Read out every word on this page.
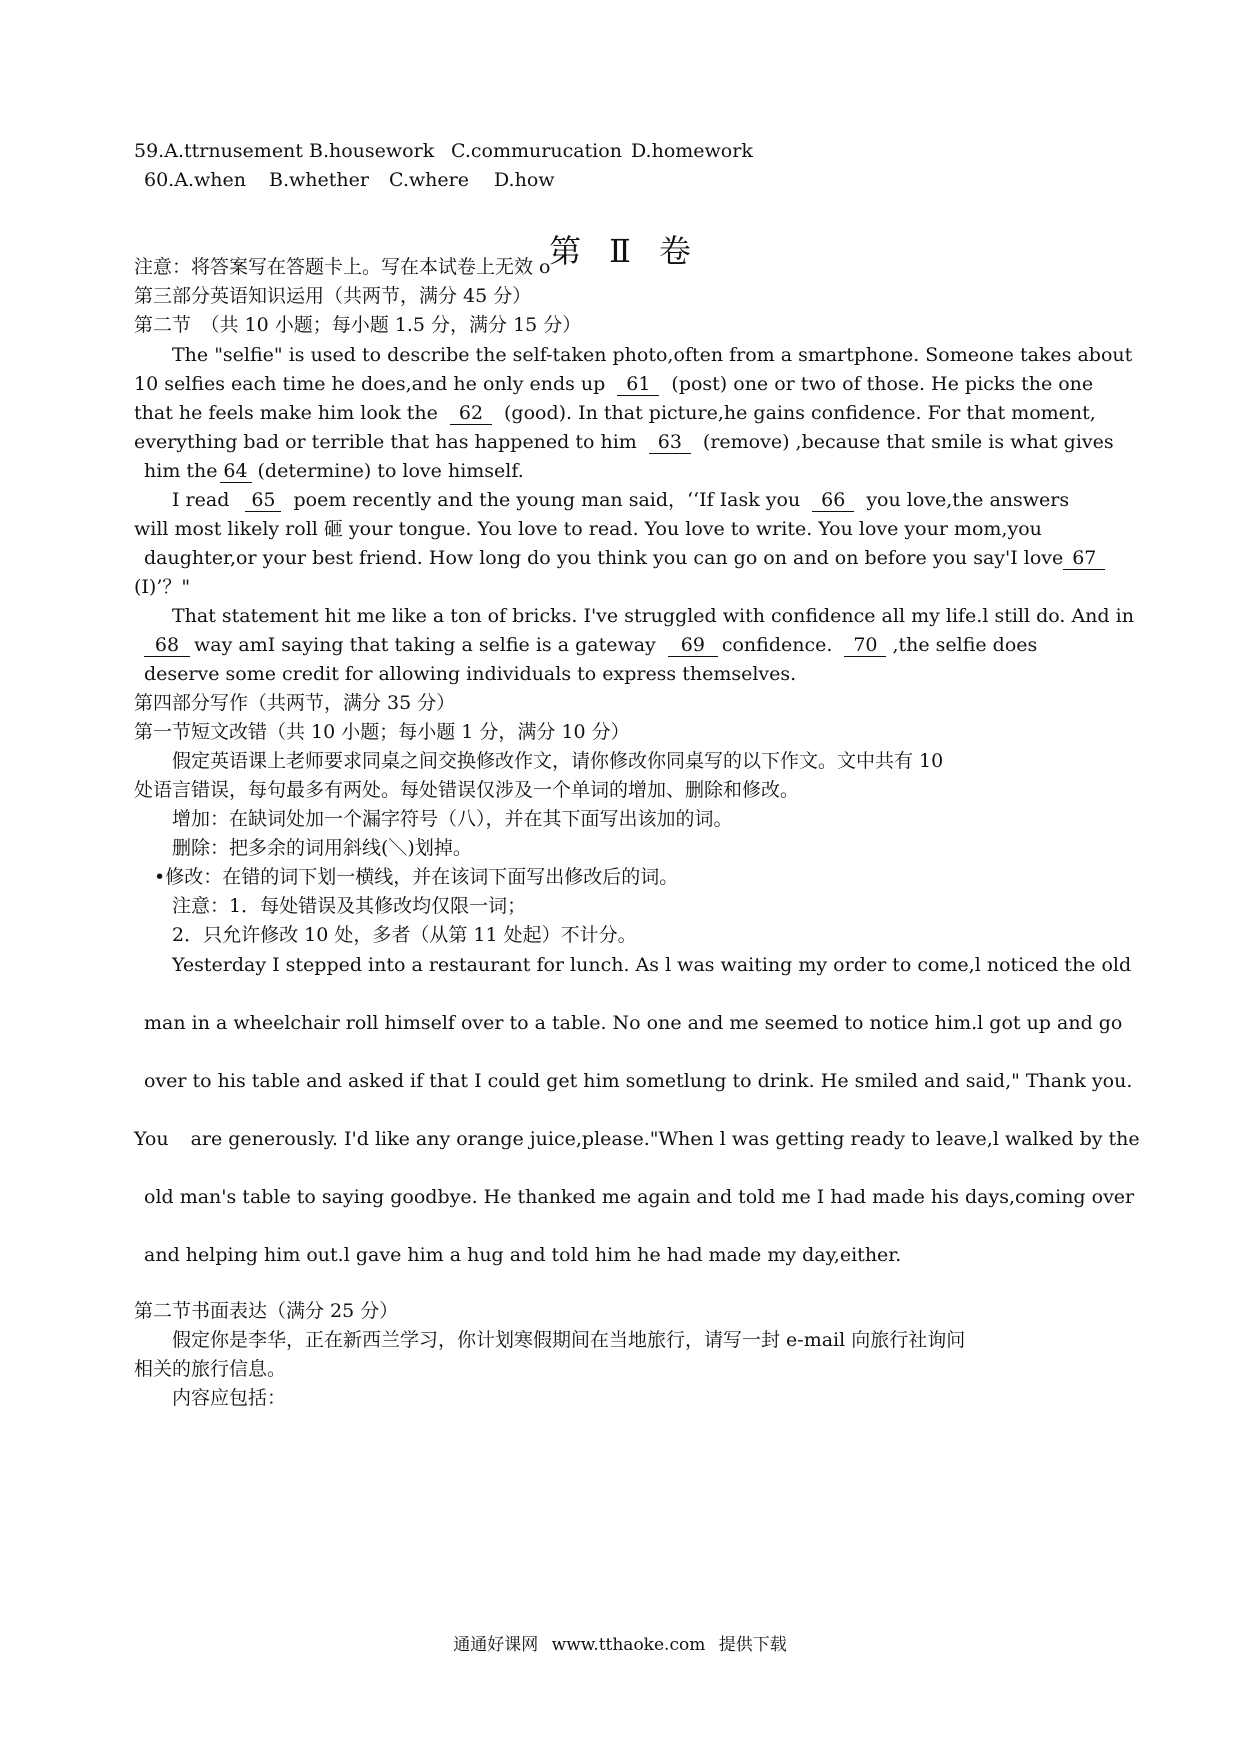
59.A.ttrnusement B.housework C.commurucation D.homework
60.A.when B.whether C.where D.how
第 Ⅱ 卷
注意：将答案写在答题卡上。写在本试卷上无效 o
第三部分英语知识运用（共两节，满分 45 分）
第二节　（共 10 小题；每小题 1.5 分，满分 15 分）
The "selfie" is used to describe the self-taken photo,often from a smartphone. Someone takes about
10 selfies each time he does,and he only ends up 61 (post) one or two of those. He picks the one
that he feels make him look the 62 (good). In that picture,he gains confidence. For that moment,
everything bad or terrible that has happened to him 63 (remove) ,because that smile is what gives
him the 64 (determine) to love himself.
I read 65 poem recently and the young man said，‘‘If Iask you 66 you love,the answers
will most likely roll 砸 your tongue. You love to read. You love to write. You love your mom,you
daughter,or your best friend. How long do you think you can go on and on before you say'I love 67
(I)’？"
That statement hit me like a ton of bricks. I've struggled with confidence all my life.l still do. And in
68 way amI saying that taking a selfie is a gateway 69 confidence. 70 ,the selfie does
deserve some credit for allowing individuals to express themselves.
第四部分写作（共两节，满分 35 分）
第一节短文改错（共 10 小题；每小题 1 分，满分 10 分）
假定英语课上老师要求同桌之间交换修改作文，请你修改你同桌写的以下作文。文中共有 10
处语言错误，每句最多有两处。每处错误仅涉及一个单词的增加、删除和修改。
增加：在缺词处加一个漏字符号（八），并在其下面写出该加的词。
删除：把多余的词用斜线(＼)划掉。
•修改：在错的词下划一横线，并在该词下面写出修改后的词。
注意：1．每处错误及其修改均仅限一词；
2．只允许修改 10 处，多者（从第 11 处起）不计分。
Yesterday I stepped into a restaurant for lunch. As l was waiting my order to come,l noticed the old
man in a wheelchair roll himself over to a table. No one and me seemed to notice him.l got up and go
over to his table and asked if that I could get him sometlung to drink. He smiled and said," Thank you.
You are generously. I'd like any orange juice,please."When l was getting ready to leave,l walked by the
old man's table to saying goodbye. He thanked me again and told me I had made his days,coming over
and helping him out.l gave him a hug and told him he had made my day,either.
第二节书面表达（满分 25 分）
假定你是李华，正在新西兰学习，你计划寒假期间在当地旅行，请写一封 e-mail 向旅行社询问
相关的旅行信息。
内容应包括：
通通好课网 www.tthaoke.com 提供下载
